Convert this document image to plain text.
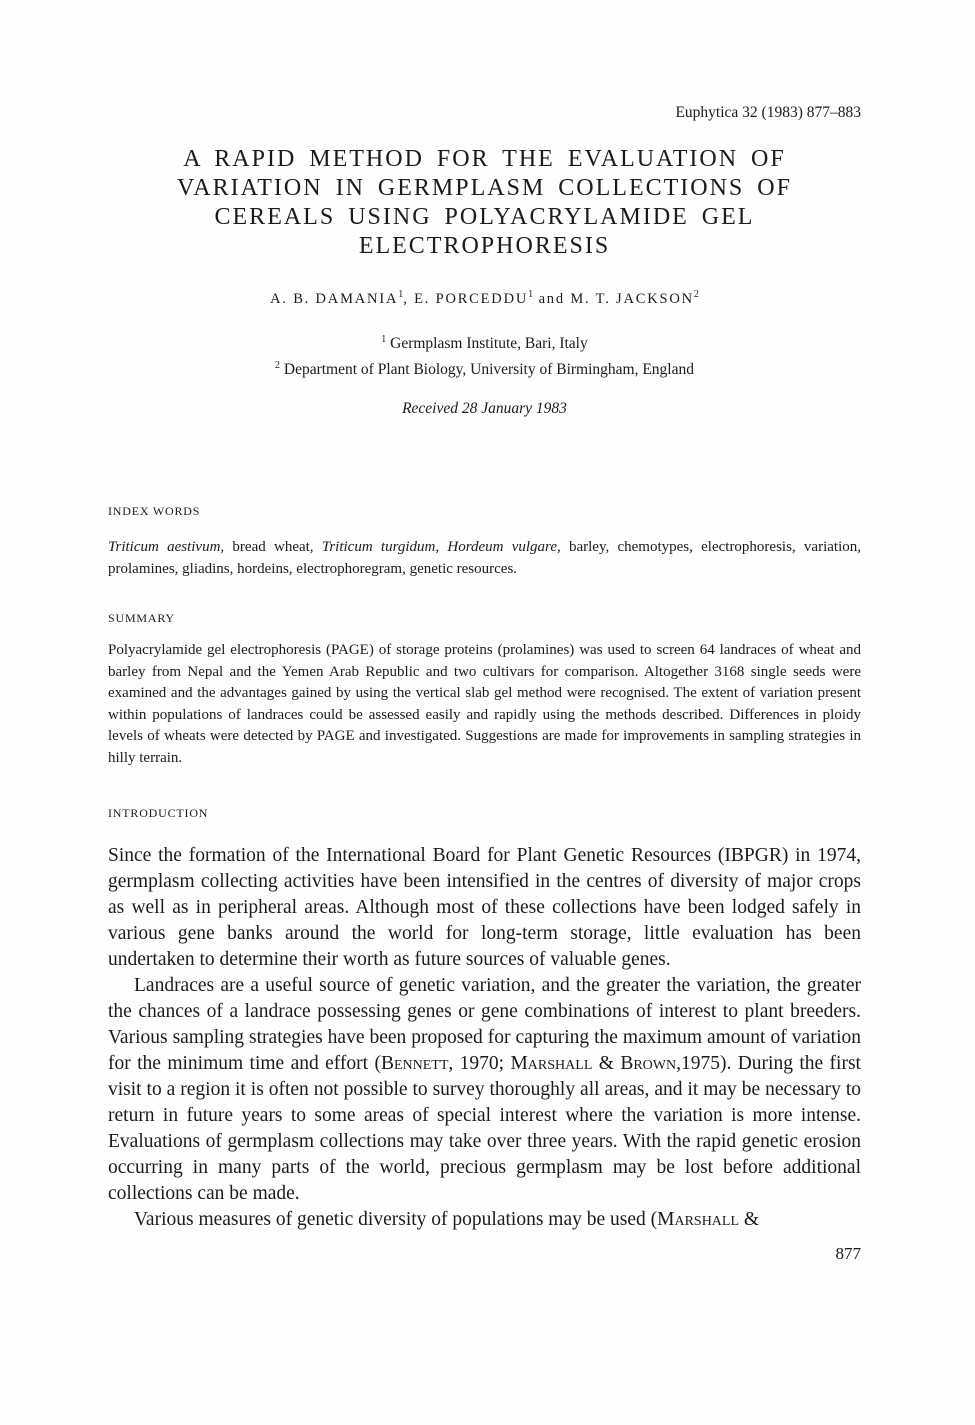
Euphytica 32 (1983) 877–883
A RAPID METHOD FOR THE EVALUATION OF
VARIATION IN GERMPLASM COLLECTIONS OF
CEREALS USING POLYACRYLAMIDE GEL
ELECTROPHORESIS

A. B. DAMANIA$^1$, E. PORCEDDU$^1$ and M. T. JACKSON$^2$

$^1$ Germplasm Institute, Bari, Italy

$^2$ Department of Plant Biology, University of Birmingham, England

Received 28 January 1983

INDEX WORDS

Triticum aestivum, bread wheat, Triticum turgidum, Hordeum vulgare, barley, chemotypes, electrophoresis, variation, prolamines, gliadins, hordeins, electrophoregram, genetic resources.

SUMMARY

Polyacrylamide gel electrophoresis (PAGE) of storage proteins (prolamines) was used to screen 64 landraces of wheat and barley from Nepal and the Yemen Arab Republic and two cultivars for comparison. Altogether 3168 single seeds were examined and the advantages gained by using the vertical slab gel method were recognised. The extent of variation present within populations of landraces could be assessed easily and rapidly using the methods described. Differences in ploidy levels of wheats were detected by PAGE and investigated. Suggestions are made for improvements in sampling strategies in hilly terrain.

INTRODUCTION

Since the formation of the International Board for Plant Genetic Resources (IBPGR) in 1974, germplasm collecting activities have been intensified in the centres of diversity of major crops as well as in peripheral areas. Although most of these collections have been lodged safely in various gene banks around the world for long-term storage, little evaluation has been undertaken to determine their worth as future sources of valuable genes.

Landraces are a useful source of genetic variation, and the greater the variation, the greater the chances of a landrace possessing genes or gene combinations of interest to plant breeders. Various sampling strategies have been proposed for capturing the maximum amount of variation for the minimum time and effort (Bennett, 1970; Marshall & Brown,1975). During the first visit to a region it is often not possible to survey thoroughly all areas, and it may be necessary to return in future years to some areas of special interest where the variation is more intense. Evaluations of germplasm collections may take over three years. With the rapid genetic erosion occurring in many parts of the world, precious germplasm may be lost before additional collections can be made.

Various measures of genetic diversity of populations may be used (Marshall &

877
